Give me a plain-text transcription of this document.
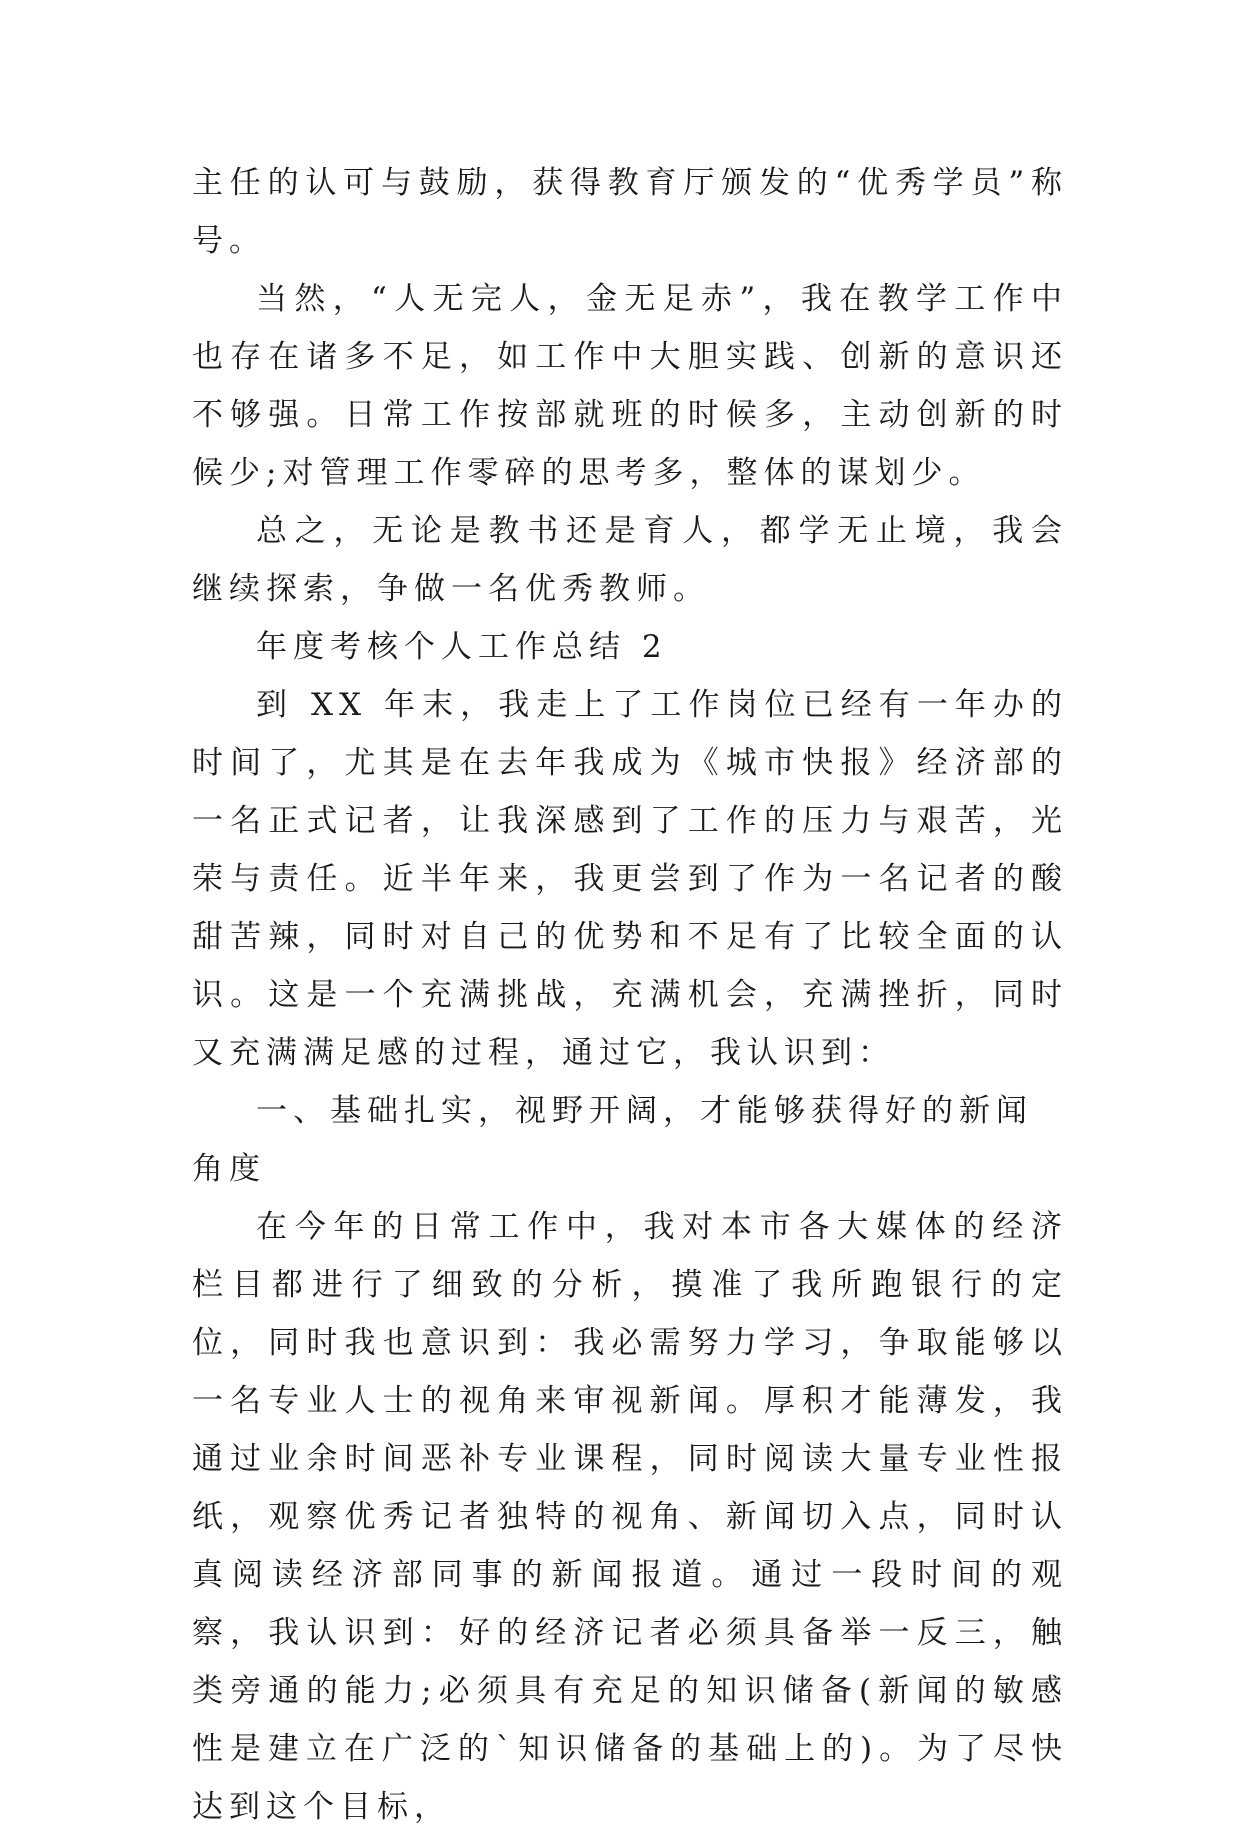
主任的认可与鼓励，获得教育厅颁发的“优秀学员”称号。

当然，“人无完人，金无足赤”，我在教学工作中也存在诸多不足，如工作中大胆实践、创新的意识还不够强。日常工作按部就班的时候多，主动创新的时候少;对管理工作零碎的思考多，整体的谋划少。

总之，无论是教书还是育人，都学无止境，我会继续探索，争做一名优秀教师。

年度考核个人工作总结 2

到 XX 年末，我走上了工作岗位已经有一年办的时间了，尤其是在去年我成为《城市快报》经济部的一名正式记者，让我深感到了工作的压力与艰苦，光荣与责任。近半年来，我更尝到了作为一名记者的酸甜苦辣，同时对自己的优势和不足有了比较全面的认识。这是一个充满挑战，充满机会，充满挫折，同时又充满满足感的过程，通过它，我认识到：

一、基础扎实，视野开阔，才能够获得好的新闻角度

在今年的日常工作中，我对本市各大媒体的经济栏目都进行了细致的分析，摸准了我所跑银行的定位，同时我也意识到：我必需努力学习，争取能够以一名专业人士的视角来审视新闻。厚积才能薄发，我通过业余时间恶补专业课程，同时阅读大量专业性报纸，观察优秀记者独特的视角、新闻切入点，同时认真阅读经济部同事的新闻报道。通过一段时间的观察，我认识到：好的经济记者必须具备举一反三，触类旁通的能力;必须具有充足的知识储备(新闻的敏感性是建立在广泛的`知识储备的基础上的)。为了尽快达到这个目标，
